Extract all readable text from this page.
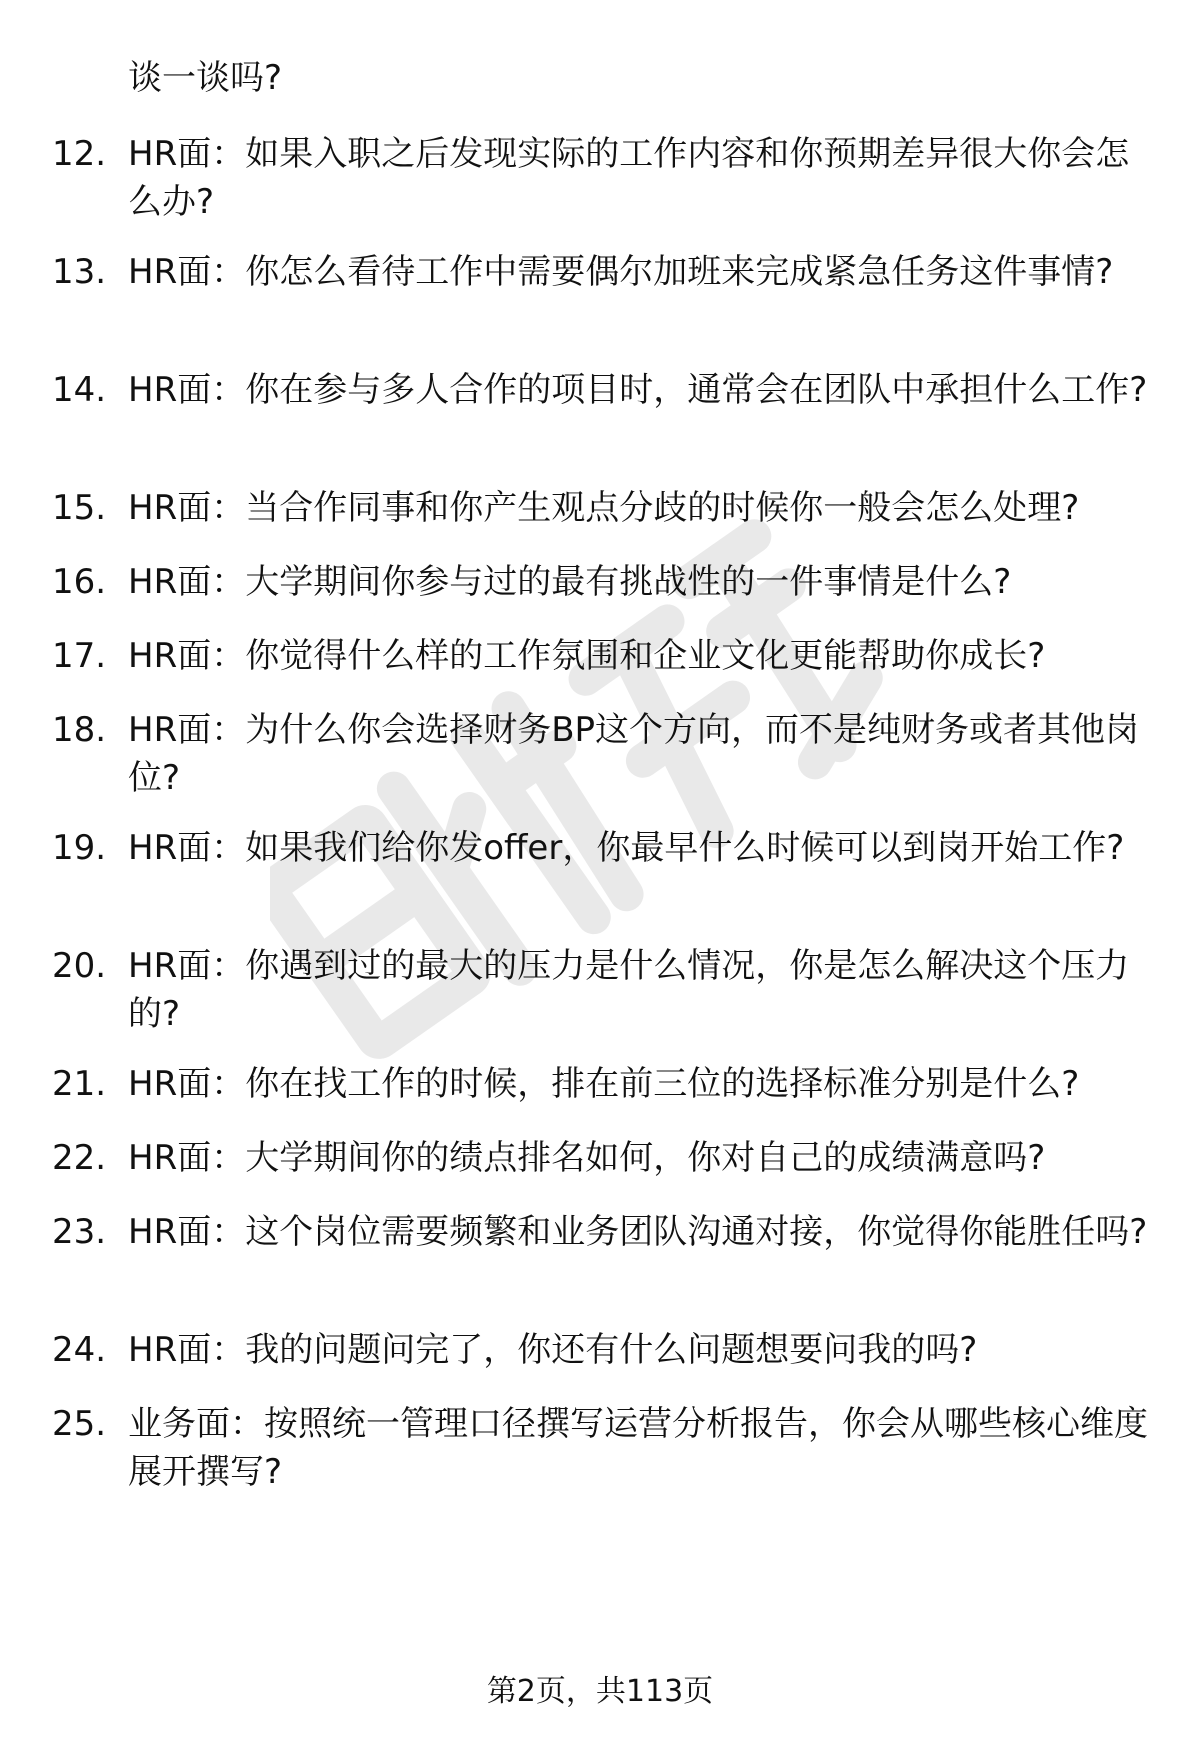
谈一谈吗?
12. HR面：如果入职之后发现实际的工作内容和你预期差异很大你会怎么办?
13. HR面：你怎么看待工作中需要偶尔加班来完成紧急任务这件事情?
14. HR面：你在参与多人合作的项目时，通常会在团队中承担什么工作?
15. HR面：当合作同事和你产生观点分歧的时候你一般会怎么处理?
16. HR面：大学期间你参与过的最有挑战性的一件事情是什么?
17. HR面：你觉得什么样的工作氛围和企业文化更能帮助你成长?
18. HR面：为什么你会选择财务BP这个方向，而不是纯财务或者其他岗位?
19. HR面：如果我们给你发offer，你最早什么时候可以到岗开始工作?
20. HR面：你遇到过的最大的压力是什么情况，你是怎么解决这个压力的?
21. HR面：你在找工作的时候，排在前三位的选择标准分别是什么?
22. HR面：大学期间你的绩点排名如何，你对自己的成绩满意吗?
23. HR面：这个岗位需要频繁和业务团队沟通对接，你觉得你能胜任吗?
24. HR面：我的问题问完了，你还有什么问题想要问我的吗?
25. 业务面：按照统一管理口径撰写运营分析报告，你会从哪些核心维度展开撰写?
第2页，共113页
